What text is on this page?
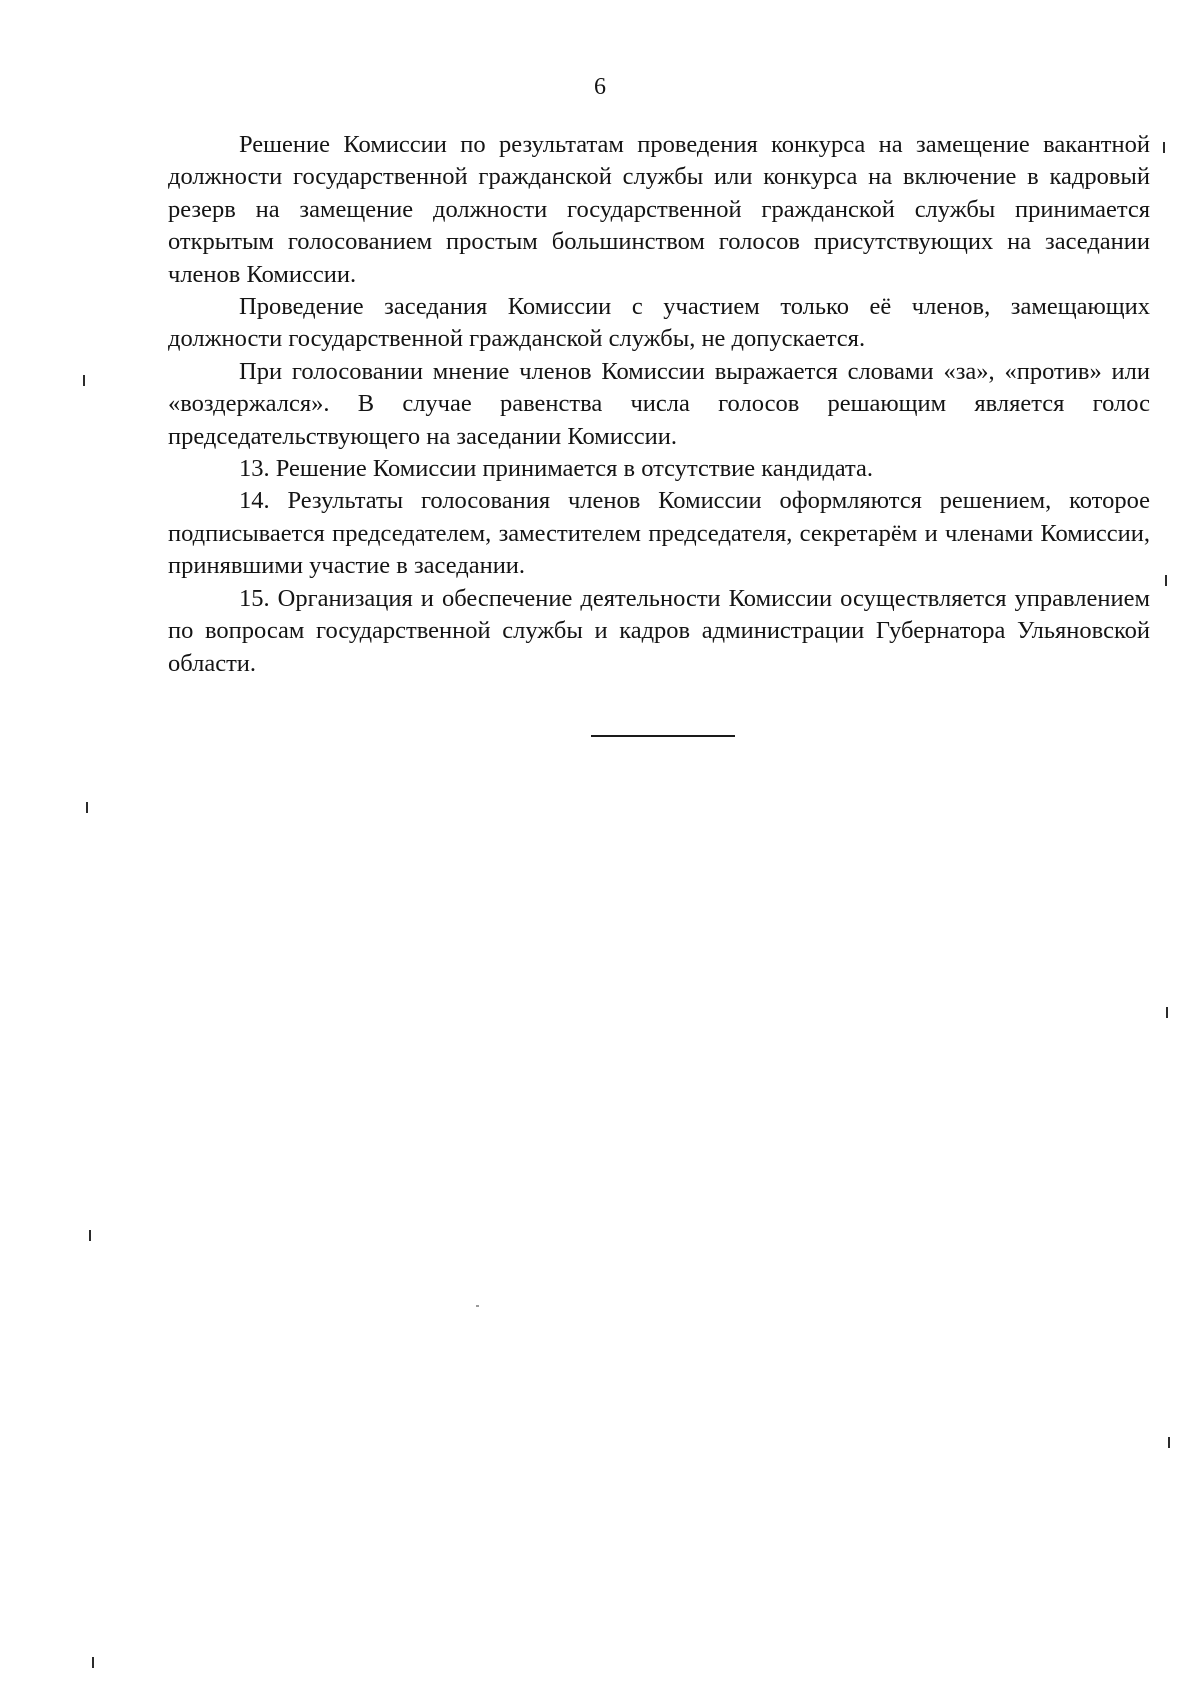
6

Решение Комиссии по результатам проведения конкурса на замещение вакантной должности государственной гражданской службы или конкурса на включение в кадровый резерв на замещение должности государственной гражданской службы принимается открытым голосованием простым большинством голосов присутствующих на заседании членов Комиссии.

Проведение заседания Комиссии с участием только её членов, замещающих должности государственной гражданской службы, не допускается.

При голосовании мнение членов Комиссии выражается словами «за», «против» или «воздержался». В случае равенства числа голосов решающим является голос председательствующего на заседании Комиссии.

13. Решение Комиссии принимается в отсутствие кандидата.

14. Результаты голосования членов Комиссии оформляются решением, которое подписывается председателем, заместителем председателя, секретарём и членами Комиссии, принявшими участие в заседании.

15. Организация и обеспечение деятельности Комиссии осуществляется управлением по вопросам государственной службы и кадров администрации Губернатора Ульяновской области.
